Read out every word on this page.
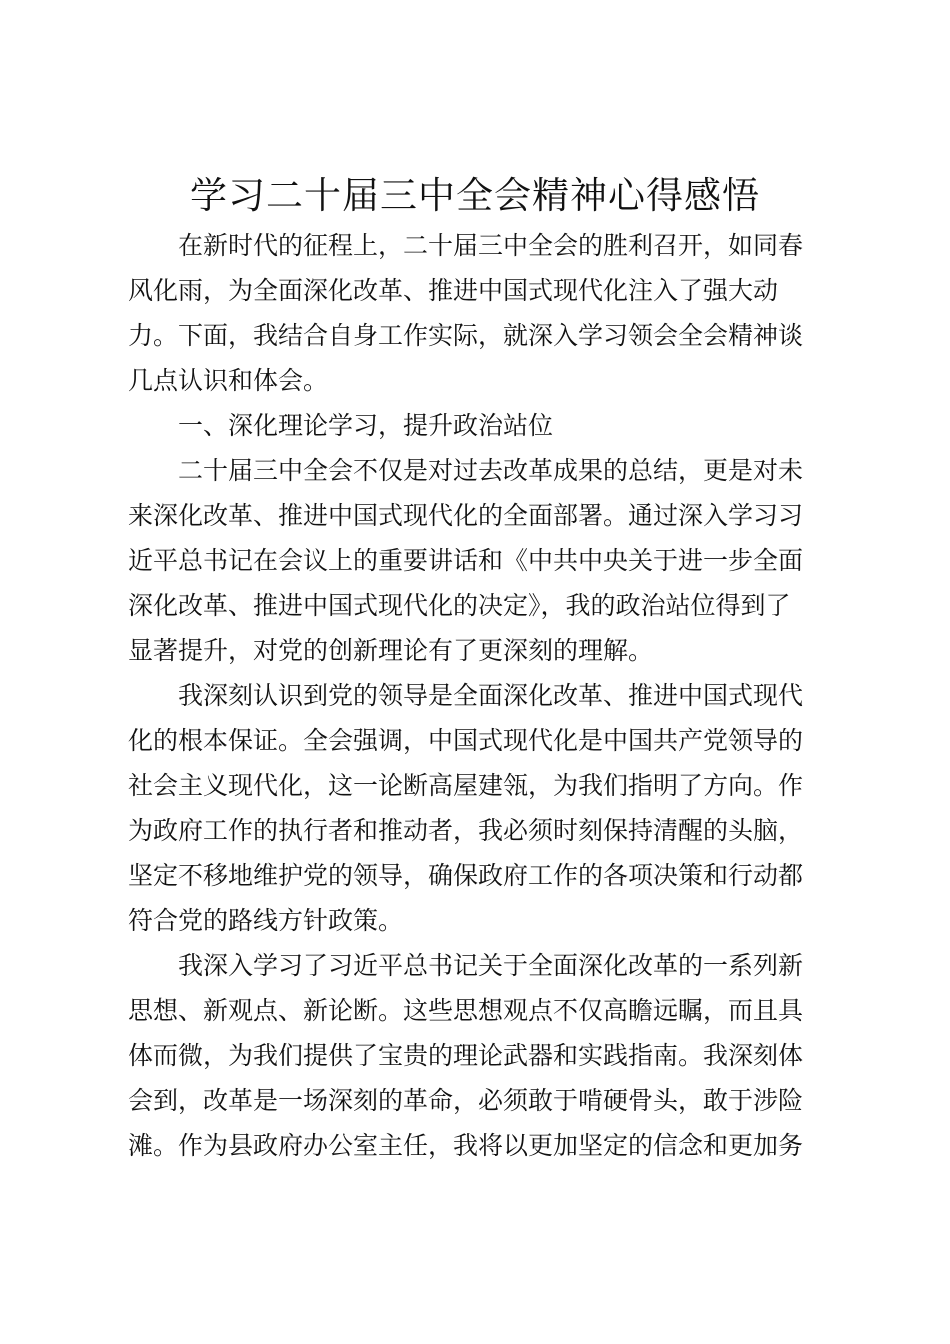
学习二十届三中全会精神心得感悟

在新时代的征程上，二十届三中全会的胜利召开，如同春
风化雨，为全面深化改革、推进中国式现代化注入了强大动
力。下面，我结合自身工作实际，就深入学习领会全会精神谈
几点认识和体会。

一、深化理论学习，提升政治站位

二十届三中全会不仅是对过去改革成果的总结，更是对未
来深化改革、推进中国式现代化的全面部署。通过深入学习习
近平总书记在会议上的重要讲话和《中共中央关于进一步全面
深化改革、推进中国式现代化的决定》，我的政治站位得到了
显著提升，对党的创新理论有了更深刻的理解。

我深刻认识到党的领导是全面深化改革、推进中国式现代
化的根本保证。全会强调，中国式现代化是中国共产党领导的
社会主义现代化，这一论断高屋建瓴，为我们指明了方向。作
为政府工作的执行者和推动者，我必须时刻保持清醒的头脑，
坚定不移地维护党的领导，确保政府工作的各项决策和行动都
符合党的路线方针政策。

我深入学习了习近平总书记关于全面深化改革的一系列新
思想、新观点、新论断。这些思想观点不仅高瞻远瞩，而且具
体而微，为我们提供了宝贵的理论武器和实践指南。我深刻体
会到，改革是一场深刻的革命，必须敢于啃硬骨头，敢于涉险
滩。作为县政府办公室主任，我将以更加坚定的信念和更加务
